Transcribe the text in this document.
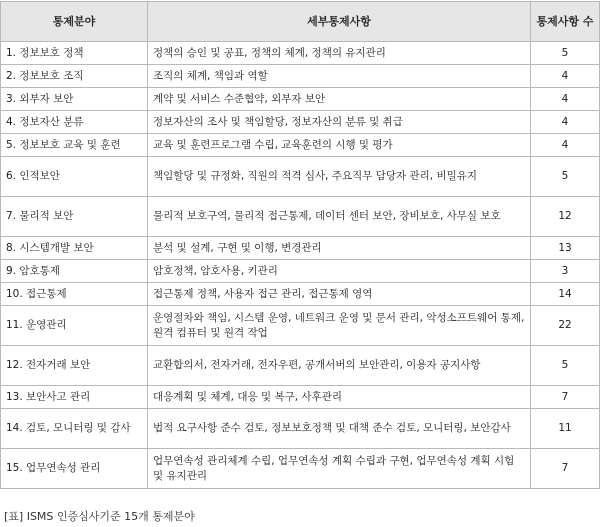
통제분야	세부통제사항	통제사항 수
1. 정보보호 정책	정책의 승인 및 공표, 정책의 체계, 정책의 유지관리	5
2. 정보보호 조직	조직의 체계, 책임과 역할	4
3. 외부자 보안	계약 및 서비스 수준협약, 외부자 보안	4
4. 정보자산 분류	정보자산의 조사 및 책임할당, 정보자산의 분류 및 취급	4
5. 정보보호 교육 및 훈련	교육 및 훈련프로그램 수립, 교육훈련의 시행 및 평가	4
6. 인적보안	책임할당 및 규정화, 직원의 적격 심사, 주요직무 담당자 관리, 비밀유지	5
7. 물리적 보안	물리적 보호구역, 물리적 접근통제, 데이터 센터 보안, 장비보호, 사무실 보호	12
8. 시스템개발 보안	분석 및 설계, 구현 및 이행, 변경관리	13
9. 암호통제	암호정책, 암호사용, 키관리	3
10. 접근통제	접근통제 정책, 사용자 접근 관리, 접근통제 영역	14
11. 운영관리	운영절차와 책임, 시스템 운영, 네트워크 운영 및 문서 관리, 악성소프트웨어 통제, 원격 컴퓨터 및 원격 작업	22
12. 전자거래 보안	교환합의서, 전자거래, 전자우편, 공개서버의 보안관리, 이용자 공지사항	5
13. 보안사고 관리	대응계획 및 체계, 대응 및 복구, 사후관리	7
14. 검토, 모니터링 및 감사	법적 요구사항 준수 검토, 정보보호정책 및 대책 준수 검토, 모니터링, 보안감사	11
15. 업무연속성 관리	업무연속성 관리체계 수립, 업무연속성 계획 수립과 구현, 업무연속성 계획 시험 및 유지관리	7
[표] ISMS 인증심사기준 15개 통제분야
